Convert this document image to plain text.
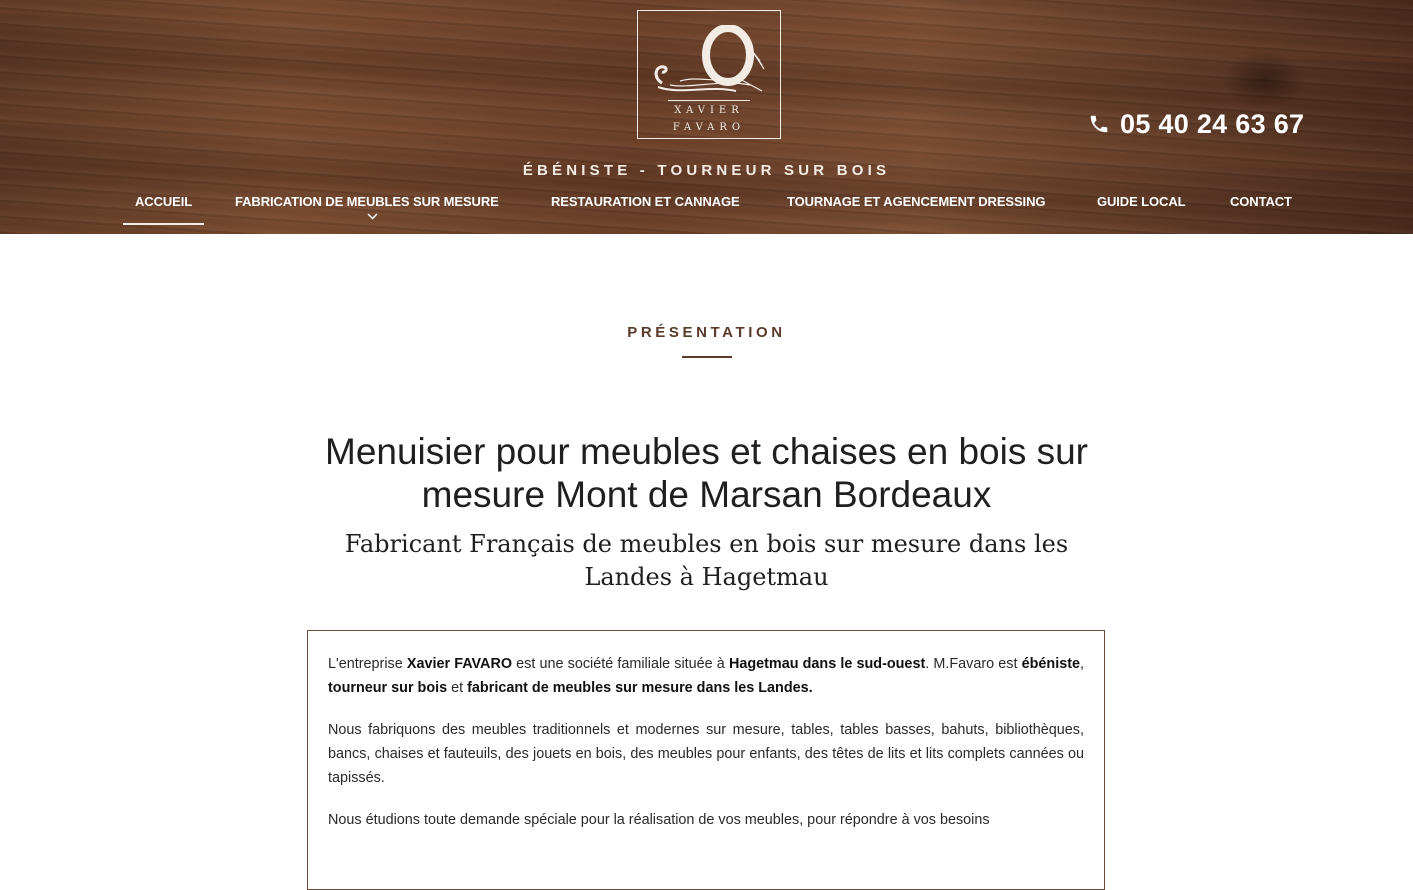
XAVIER
FAVARO	05 40 24 63 67
ÉBÉNISTE - TOURNEUR SUR BOIS
ACCUEIL	FABRICATION DE MEUBLES SUR MESURE	RESTAURATION ET CANNAGE	TOURNAGE ET AGENCEMENT DRESSING	GUIDE LOCAL	CONTACT
PRÉSENTATION
Menuisier pour meubles et chaises en bois sur mesure Mont de Marsan Bordeaux
Fabricant Français de meubles en bois sur mesure dans les Landes à Hagetmau

L'entreprise Xavier FAVARO est une société familiale située à Hagetmau dans le sud-ouest. M.Favaro est ébéniste, tourneur sur bois et fabricant de meubles sur mesure dans les Landes.

Nous fabriquons des meubles traditionnels et modernes sur mesure, tables, tables basses, bahuts, bibliothèques, bancs, chaises et fauteuils, des jouets en bois, des meubles pour enfants, des têtes de lits et lits complets cannées ou tapissés.

Nous étudions toute demande spéciale pour la réalisation de vos meubles, pour répondre à vos besoins
